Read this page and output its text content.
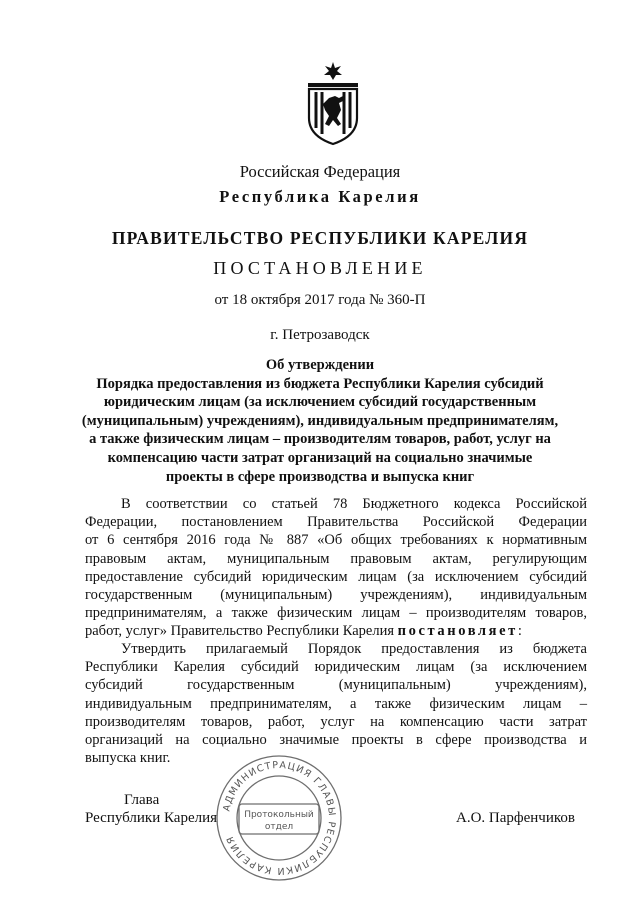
Российская Федерация
Республика Карелия
ПРАВИТЕЛЬСТВО РЕСПУБЛИКИ КАРЕЛИЯ
ПОСТАНОВЛЕНИЕ
от 18 октября 2017 года № 360-П
г. Петрозаводск
Об утверждении
Порядка предоставления из бюджета Республики Карелия субсидий
юридическим лицам (за исключением субсидий государственным
(муниципальным) учреждениям), индивидуальным предпринимателям,
а также физическим лицам – производителям товаров, работ, услуг на
компенсацию части затрат организаций на социально значимые
проекты в сфере производства и выпуска книг
В соответствии со статьей 78 Бюджетного кодекса Российской
Федерации, постановлением Правительства Российской Федерации
от 6 сентября 2016 года № 887 «Об общих требованиях к нормативным
правовым актам, муниципальным правовым актам, регулирующим
предоставление субсидий юридическим лицам (за исключением субсидий
государственным (муниципальным) учреждениям), индивидуальным
предпринимателям, а также физическим лицам – производителям товаров,
работ, услуг» Правительство Республики Карелия постановляет:
Утвердить прилагаемый Порядок предоставления из бюджета
Республики Карелия субсидий юридическим лицам (за исключением
субсидий государственным (муниципальным) учреждениям),
индивидуальным предпринимателям, а также физическим лицам –
производителям товаров, работ, услуг на компенсацию части затрат
организаций на социально значимые проекты в сфере производства и
выпуска книг.
Глава
Республики Карелия	А.О. Парфенчиков
АДМИНИСТРАЦИЯ ГЛАВЫ РЕСПУБЛИКИ КАРЕЛИЯ
Протокольный
отдел
